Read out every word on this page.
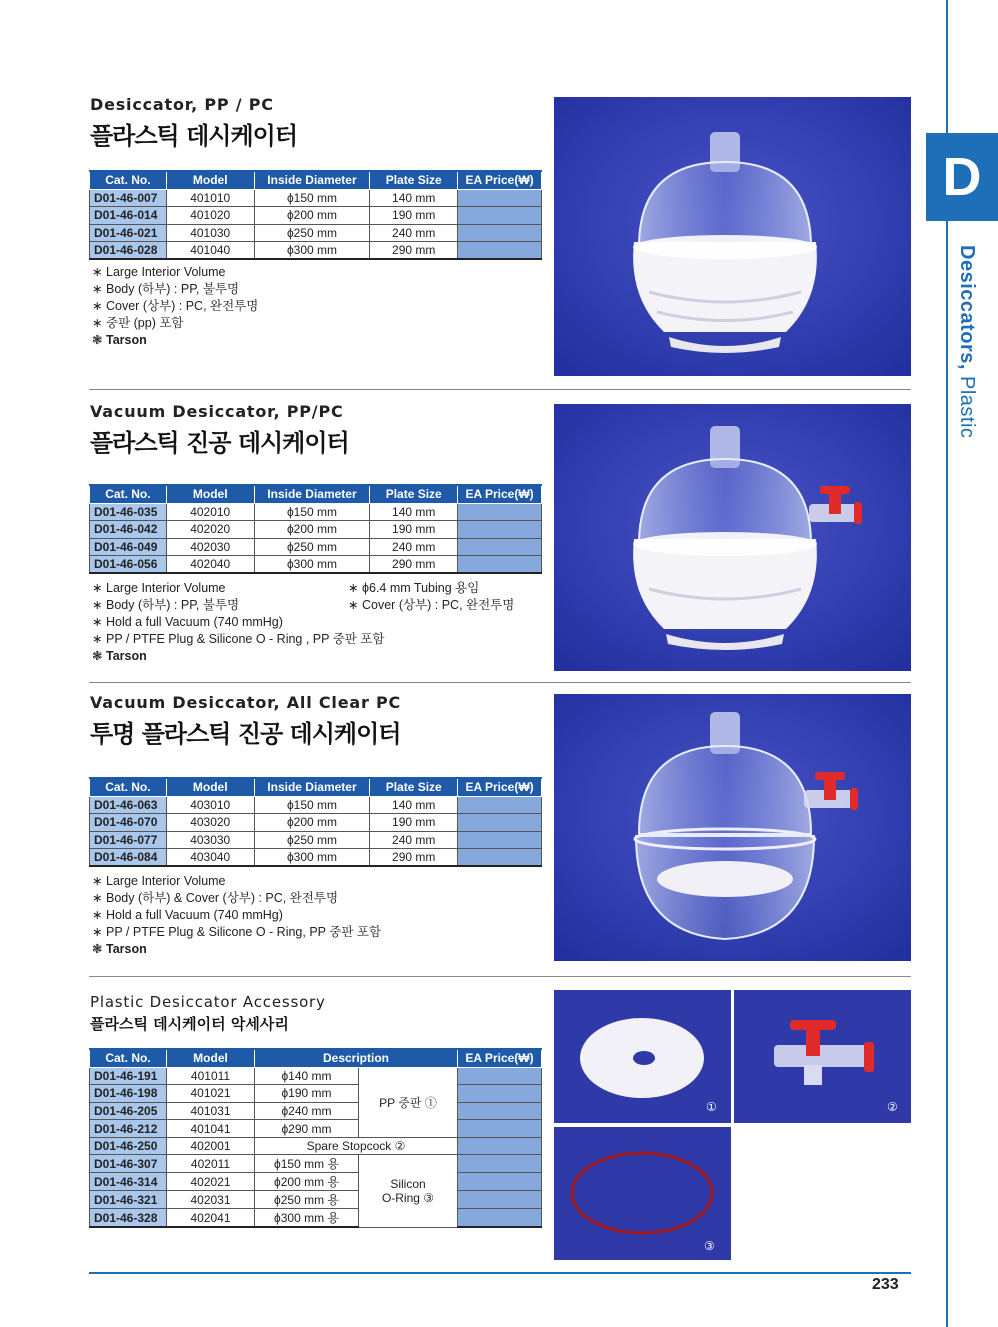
D
Desiccators, Plastic
Desiccator, PP / PC
플라스틱 데시케이터
Cat. No.	Model	Inside Diameter	Plate Size	EA Price(₩)
D01-46-007	401010	ϕ150 mm	140 mm	
D01-46-014	401020	ϕ200 mm	190 mm	
D01-46-021	401030	ϕ250 mm	240 mm	
D01-46-028	401040	ϕ300 mm	290 mm	
∗ Large Interior Volume
∗ Body (하부) : PP, 불투명
∗ Cover (상부) : PC, 완전투명
∗ 중판 (pp) 포함
❃ Tarson
Vacuum Desiccator, PP/PC
플라스틱 진공 데시케이터
Cat. No.	Model	Inside Diameter	Plate Size	EA Price(₩)
D01-46-035	402010	ϕ150 mm	140 mm	
D01-46-042	402020	ϕ200 mm	190 mm	
D01-46-049	402030	ϕ250 mm	240 mm	
D01-46-056	402040	ϕ300 mm	290 mm	
∗ Large Interior Volume
∗ Body (하부) : PP, 불투명
∗ Hold a full Vacuum (740 mmHg)
∗ PP / PTFE Plug & Silicone O - Ring , PP 중판 포함
❃ Tarson
∗ ϕ6.4 mm Tubing 용임
∗ Cover (상부) : PC, 완전투명
Vacuum Desiccator, All Clear PC
투명 플라스틱 진공 데시케이터
Cat. No.	Model	Inside Diameter	Plate Size	EA Price(₩)
D01-46-063	403010	ϕ150 mm	140 mm	
D01-46-070	403020	ϕ200 mm	190 mm	
D01-46-077	403030	ϕ250 mm	240 mm	
D01-46-084	403040	ϕ300 mm	290 mm	
∗ Large Interior Volume
∗ Body (하부) & Cover (상부) : PC, 완전투명
∗ Hold a full Vacuum (740 mmHg)
∗ PP / PTFE Plug & Silicone O - Ring, PP 중판 포함
❃ Tarson
Plastic Desiccator Accessory
플라스틱 데시케이터 악세사리
Cat. No.	Model	Description		EA Price(₩)
D01-46-191	401011	ϕ140 mm	PP 중판 ①	
D01-46-198	401021	ϕ190 mm		
D01-46-205	401031	ϕ240 mm		
D01-46-212	401041	ϕ290 mm		
D01-46-250	402001	Spare Stopcock ②		
D01-46-307	402011	ϕ150 mm 용	Silicon
O-Ring ③	

D01-46-314	402021	ϕ200 mm 용		
D01-46-321	402031	ϕ250 mm 용		
D01-46-328	402041	ϕ300 mm 용		
①	②
③
233
